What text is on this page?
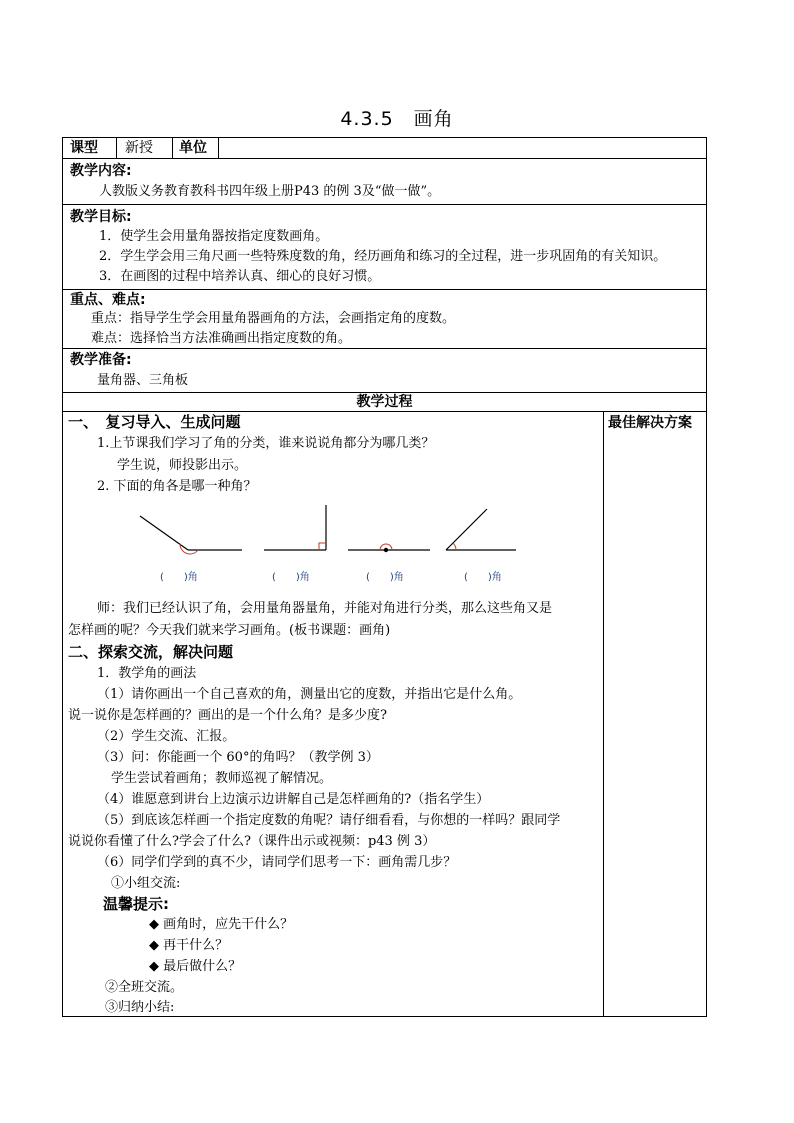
4.3.5　画角
课型 新授 单位
教学内容:
人教版义务教育教科书四年级上册P43 的例 3及“做一做”。
教学目标:
1．使学生会用量角器按指定度数画角。
2．学生学会用三角尺画一些特殊度数的角，经历画角和练习的全过程，进一步巩固角的有关知识。
3．在画图的过程中培养认真、细心的良好习惯。
重点、难点:
重点：指导学生学会用量角器画角的方法，会画指定角的度数。
难点：选择恰当方法准确画出指定度数的角。
教学准备:
量角器、三角板
教学过程
最佳解决方案
一、　复习导入、生成问题
1.上节课我们学习了角的分类，谁来说说角都分为哪几类？
学生说，师投影出示。
2. 下面的角各是哪一种角？
师：我们已经认识了角，会用量角器量角，并能对角进行分类，那么这些角又是
怎样画的呢？今天我们就来学习画角。(板书课题：画角)
二、探索交流，解决问题
1．教学角的画法
（1）请你画出一个自己喜欢的角，测量出它的度数，并指出它是什么角。
说一说你是怎样画的？画出的是一个什么角？是多少度?
（2）学生交流、汇报。
（3）问：你能画一个 60°的角吗？（教学例 3）
学生尝试着画角；教师巡视了解情况。
（4）谁愿意到讲台上边演示边讲解自己是怎样画角的?（指名学生）
（5）到底该怎样画一个指定度数的角呢？请仔细看看，与你想的一样吗？跟同学
说说你看懂了什么?学会了什么?（课件出示或视频：p43 例 3）
（6）同学们学到的真不少，请同学们思考一下：画角需几步？
①小组交流:
温馨提示:
◆ 画角时，应先干什么？
◆ 再干什么？
◆ 最后做什么？
②全班交流。
③归纳小结:
(　　)角	(　　)角	(　　)角	(　　)角
